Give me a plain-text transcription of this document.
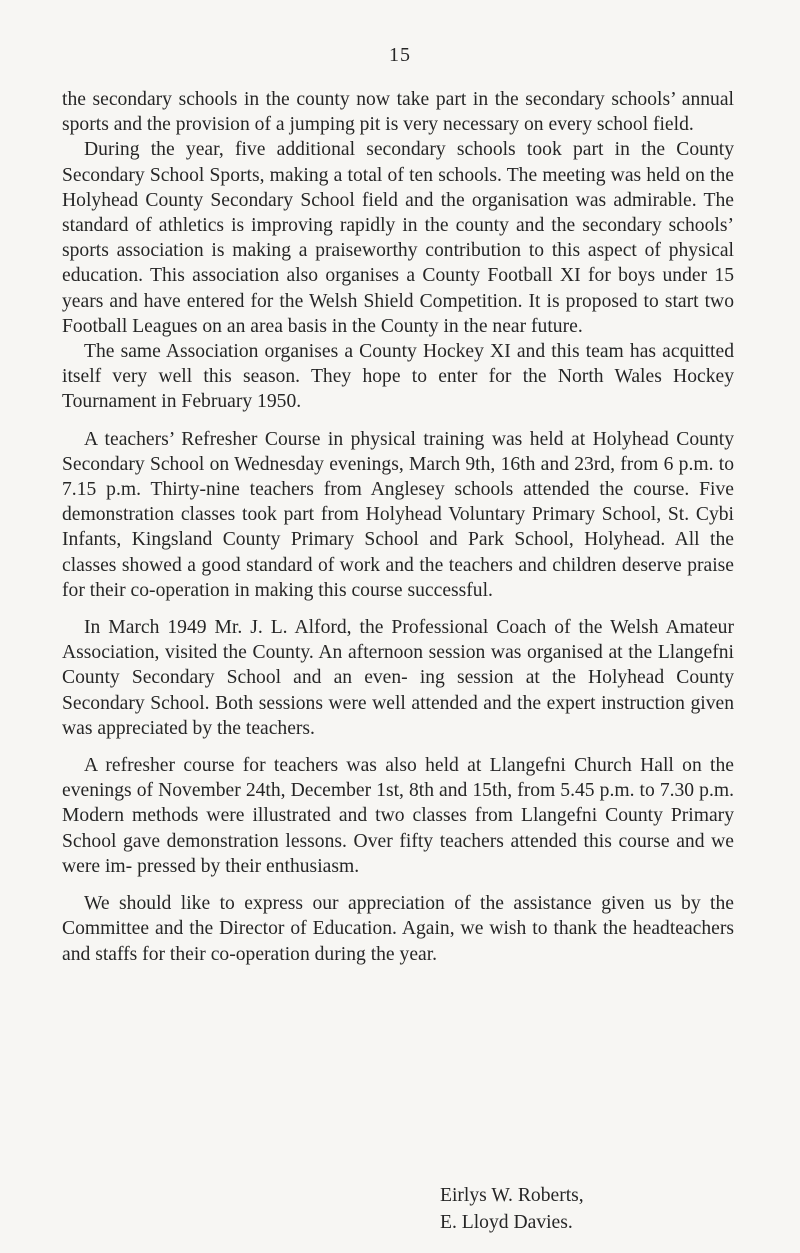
15

the secondary schools in the county now take part in the secondary schools’ annual sports and the provision of a jumping pit is very necessary on every school field.

During the year, five additional secondary schools took part in the County Secondary School Sports, making a total of ten schools. The meeting was held on the Holyhead County Secondary School field and the organisation was admirable. The standard of athletics is improving rapidly in the county and the secondary schools’ sports association is making a praiseworthy contribution to this aspect of physical education. This association also organises a County Football XI for boys under 15 years and have entered for the Welsh Shield Competition. It is proposed to start two Football Leagues on an area basis in the County in the near future.

The same Association organises a County Hockey XI and this team has acquitted itself very well this season. They hope to enter for the North Wales Hockey Tournament in February 1950.

A teachers’ Refresher Course in physical training was held at Holyhead County Secondary School on Wednesday evenings, March 9th, 16th and 23rd, from 6 p.m. to 7.15 p.m. Thirty-nine teachers from Anglesey schools attended the course. Five demonstration classes took part from Holyhead Voluntary Primary School, St. Cybi Infants, Kingsland County Primary School and Park School, Holyhead. All the classes showed a good standard of work and the teachers and children deserve praise for their co-operation in making this course successful.

In March 1949 Mr. J. L. Alford, the Professional Coach of the Welsh Amateur Association, visited the County. An afternoon session was organised at the Llangefni County Secondary School and an even- ing session at the Holyhead County Secondary School. Both sessions were well attended and the expert instruction given was appreciated by the teachers.

A refresher course for teachers was also held at Llangefni Church Hall on the evenings of November 24th, December 1st, 8th and 15th, from 5.45 p.m. to 7.30 p.m. Modern methods were illustrated and two classes from Llangefni County Primary School gave demonstration lessons. Over fifty teachers attended this course and we were im- pressed by their enthusiasm.

We should like to express our appreciation of the assistance given us by the Committee and the Director of Education. Again, we wish to thank the headteachers and staffs for their co-operation during the year.

Eirlys W. Roberts,
E. Lloyd Davies.
